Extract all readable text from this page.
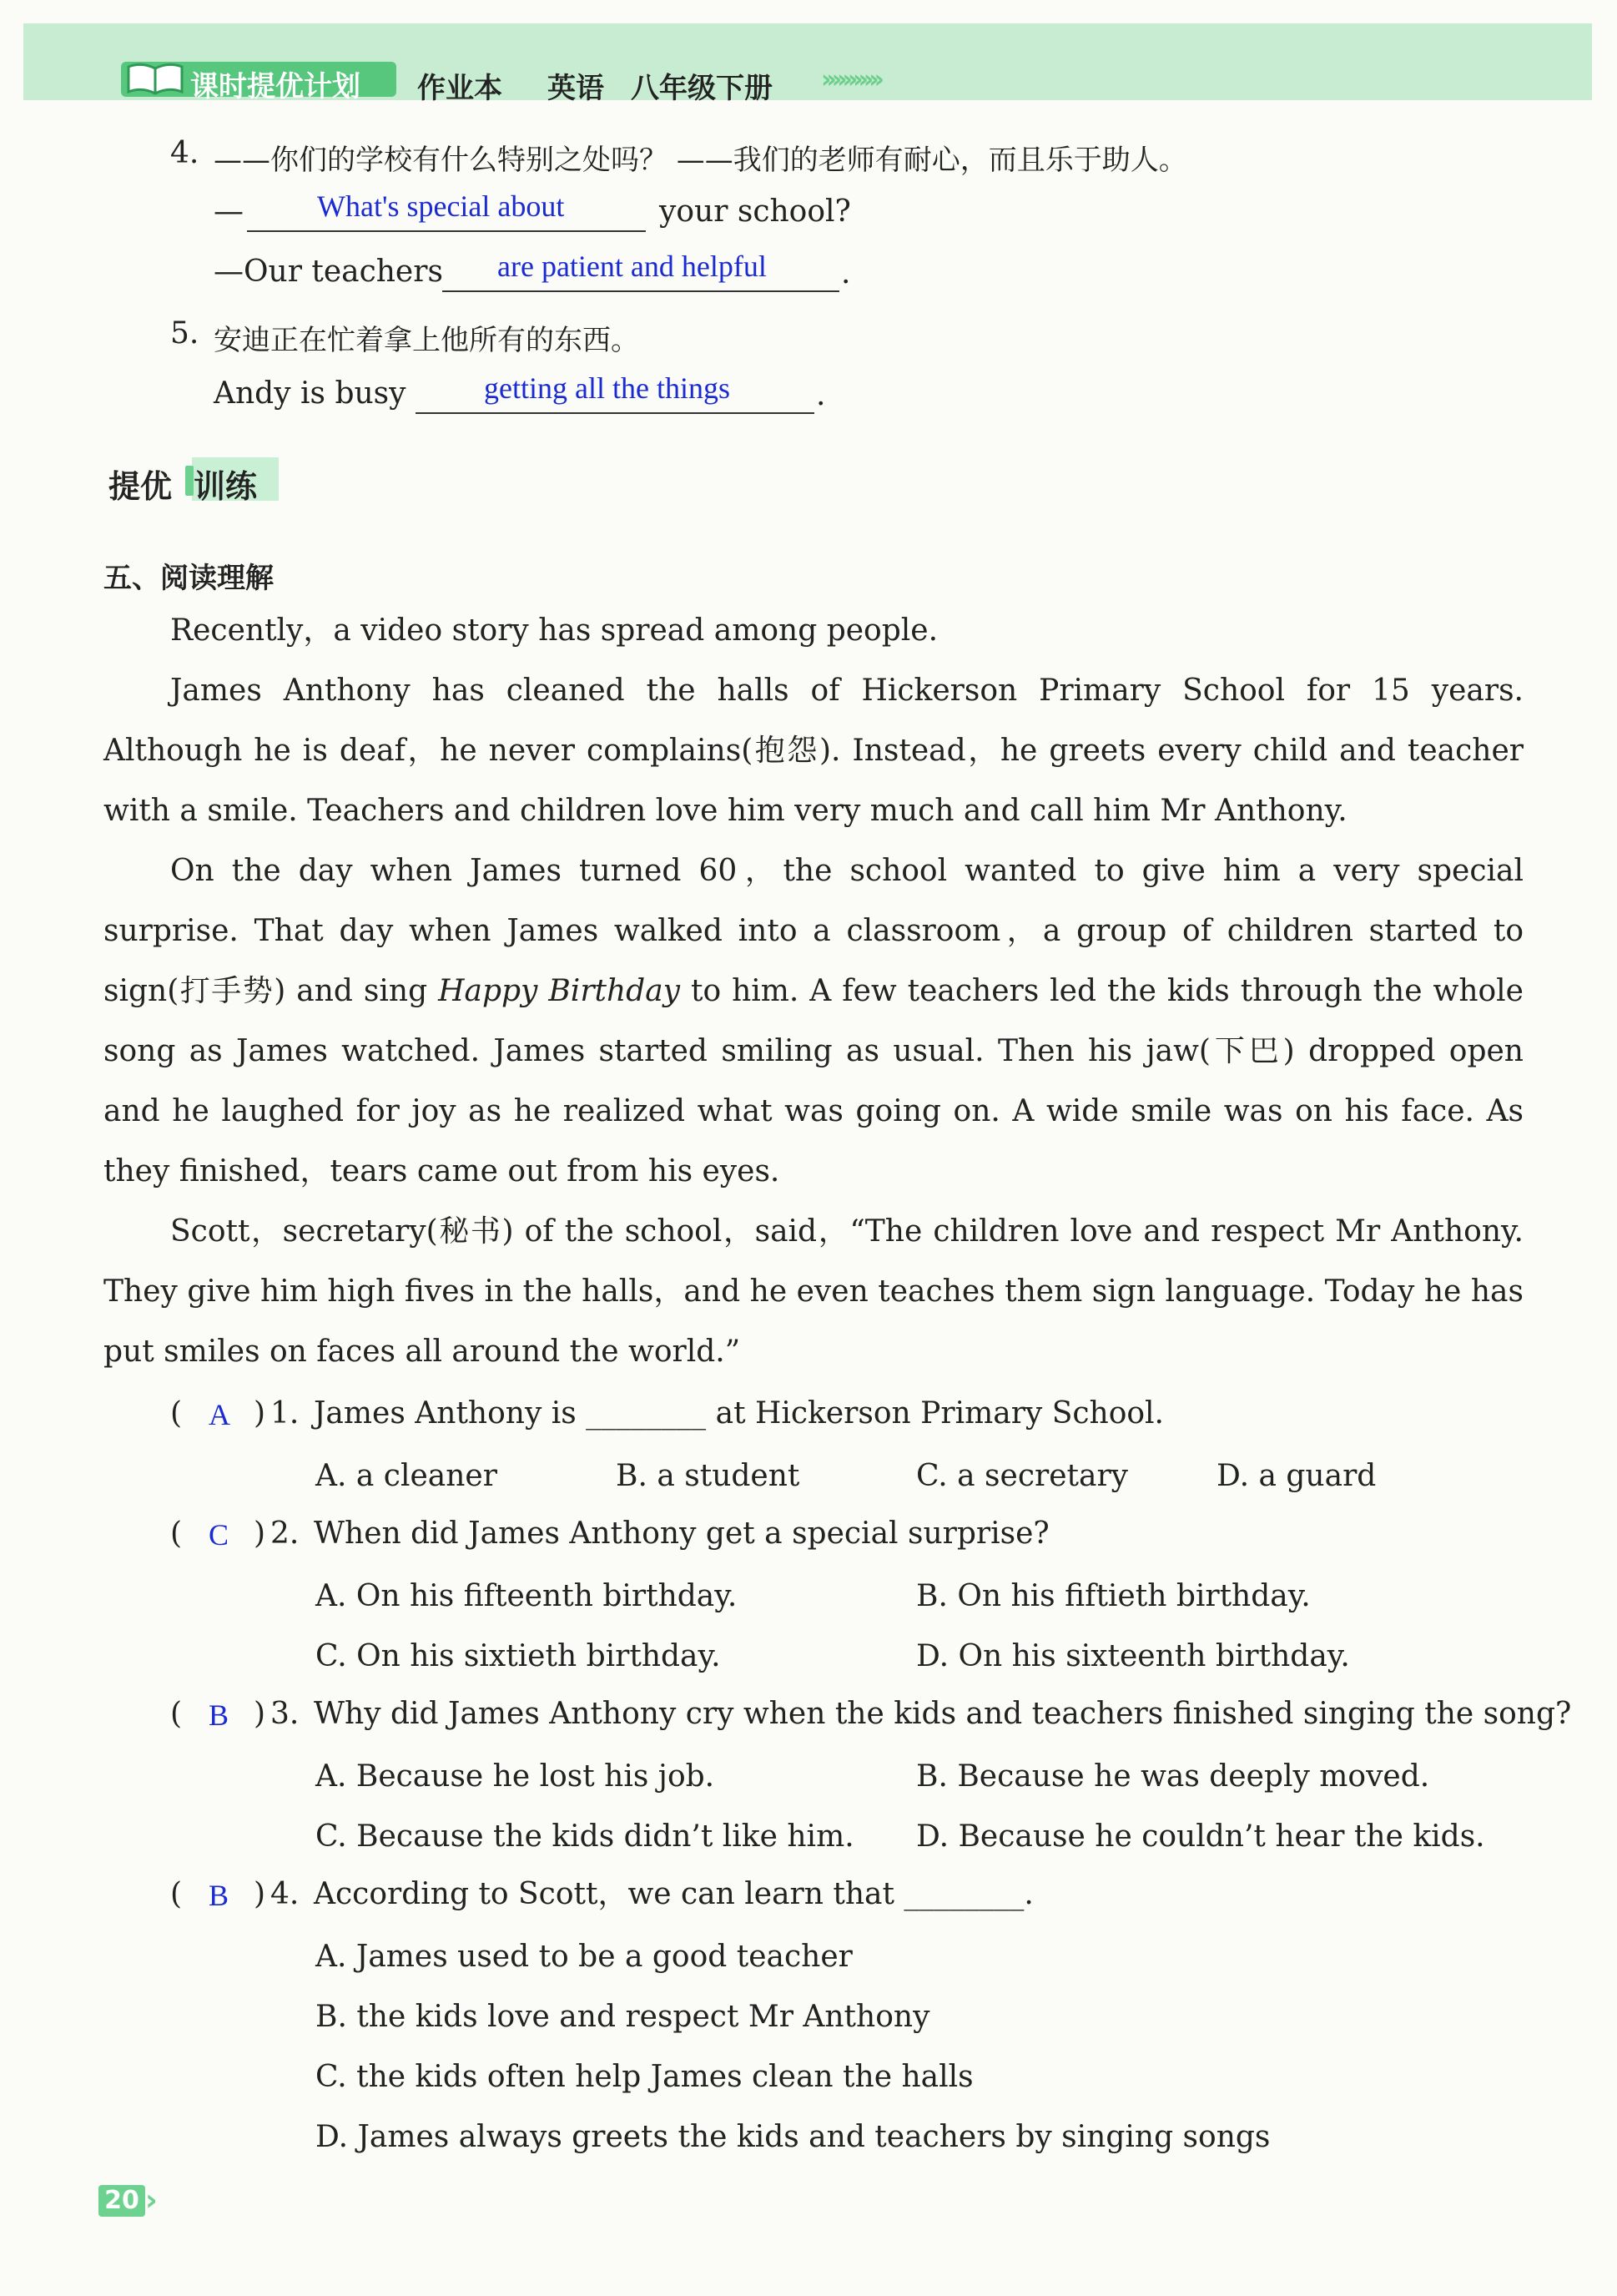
课时提优计划 作业本 英语 八年级下册 ›››››››››››
4. ——你们的学校有什么特别之处吗？ ——我们的老师有耐心，而且乐于助人。
— What's special about	your school?
—Our teachers are patient and helpful .
5. 安迪正在忙着拿上他所有的东西。
Andy is busy	getting all the things	.
提优 训练
五、阅读理解
Recently，a video story has spread among people.
James Anthony has cleaned the halls of Hickerson Primary School for 15 years. Although he is deaf，he never complains(抱怨). Instead，he greets every child and teacher with a smile. Teachers and children love him very much and call him Mr Anthony.
On the day when James turned 60，the school wanted to give him a very special surprise. That day when James walked into a classroom，a group of children started to sign(打手势) and sing Happy Birthday to him. A few teachers led the kids through the whole song as James watched. James started smiling as usual. Then his jaw(下巴) dropped open and he laughed for joy as he realized what was going on. A wide smile was on his face. As they finished，tears came out from his eyes.
Scott，secretary(秘书) of the school，said，“The children love and respect Mr Anthony. They give him high fives in the halls，and he even teaches them sign language. Today he has put smiles on faces all around the world.”
( A ) 1. James Anthony is ________ at Hickerson Primary School.
A. a cleaner	B. a student	C. a secretary	D. a guard
( C ) 2. When did James Anthony get a special surprise?
A. On his fifteenth birthday.	B. On his fiftieth birthday.
C. On his sixtieth birthday.	D. On his sixteenth birthday.
( B ) 3. Why did James Anthony cry when the kids and teachers finished singing the song?
A. Because he lost his job.	B. Because he was deeply moved.
C. Because the kids didn’t like him. D. Because he couldn’t hear the kids.
( B ) 4. According to Scott，we can learn that ________.
A. James used to be a good teacher
B. the kids love and respect Mr Anthony
C. the kids often help James clean the halls
D. James always greets the kids and teachers by singing songs
20 ›
